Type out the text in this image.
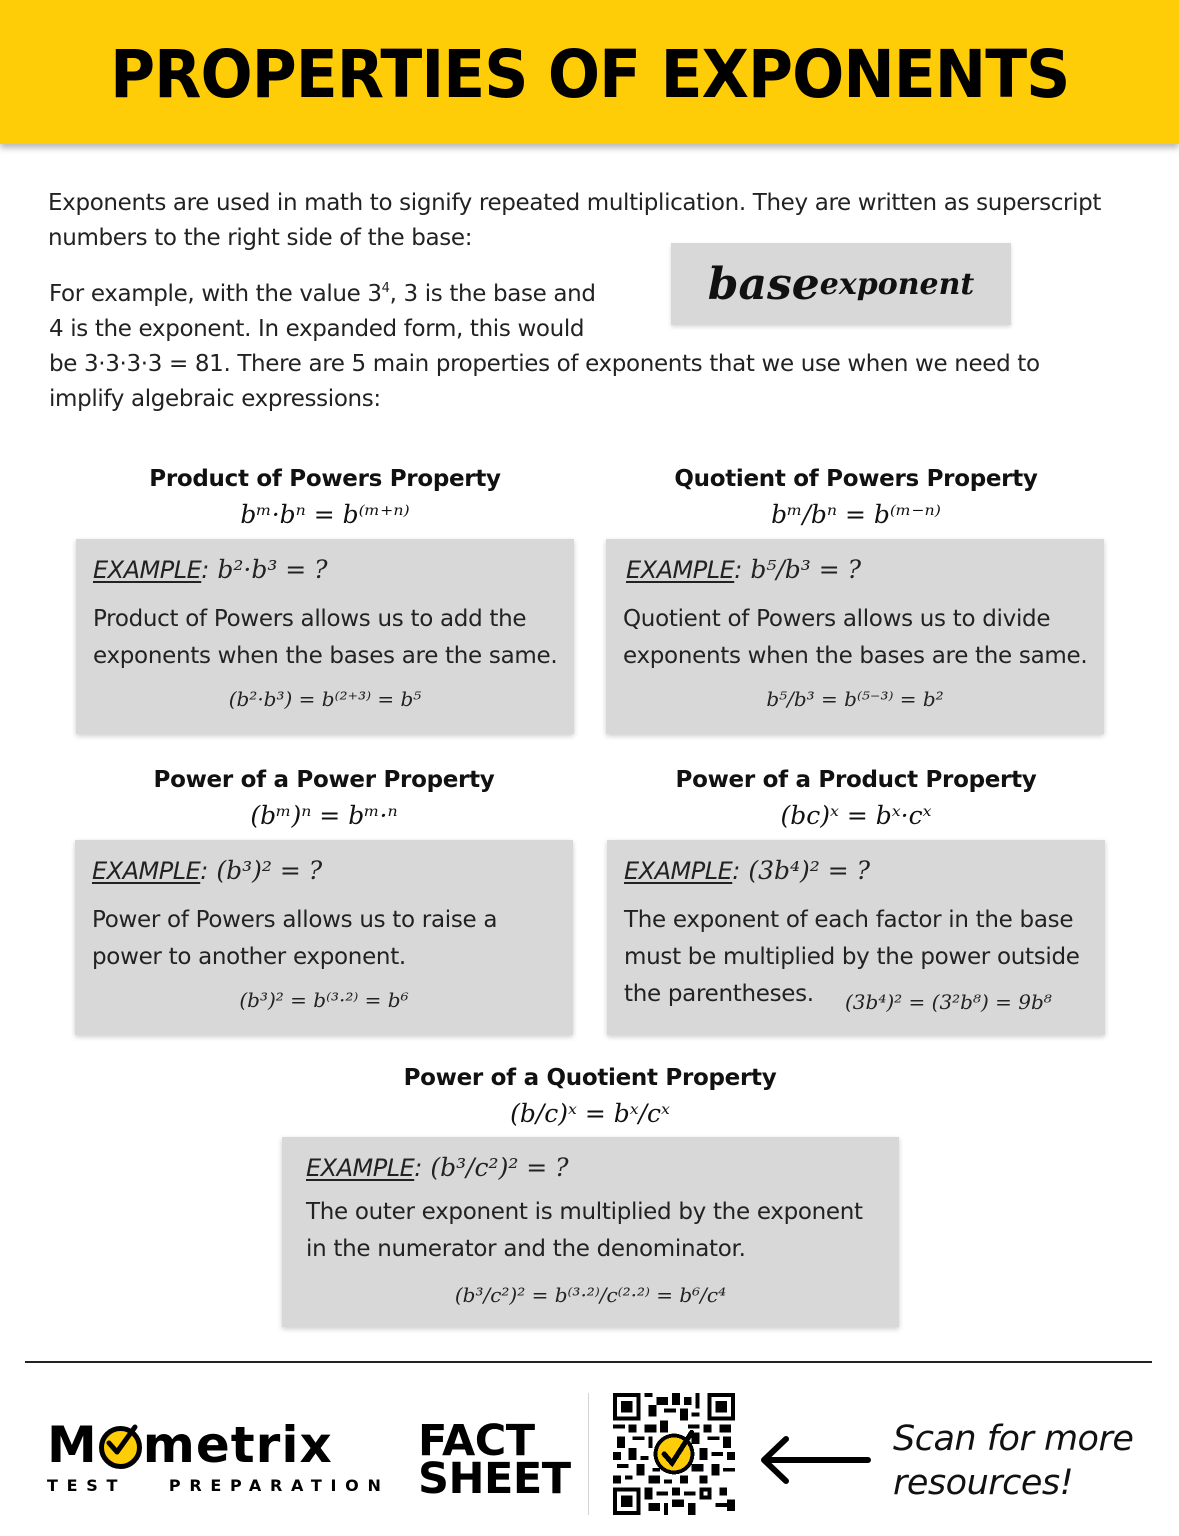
PROPERTIES OF EXPONENTS

Exponents are used in math to signify repeated multiplication. They are written as superscript numbers to the right side of the base:

For example, with the value $3^4$, 3 is the base and
4 is the exponent. In expanded form, this would
be 3·3·3·3 = 81. There are 5 main properties of exponents that we use when we need to
implify algebraic expressions:
base exponent
Product of Powers Property
bᵐ·bⁿ = b⁽ᵐ⁺ⁿ⁾
EXAMPLE: b²·b³ = ?
Product of Powers allows us to add the
exponents when the bases are the same.
(b²·b³) = b⁽²⁺³⁾ = b⁵
Quotient of Powers Property
bᵐ/bⁿ = b⁽ᵐ⁻ⁿ⁾
EXAMPLE: b⁵/b³ = ?
Quotient of Powers allows us to divide
exponents when the bases are the same.
b⁵/b³ = b⁽⁵⁻³⁾ = b²
Power of a Power Property
(bᵐ)ⁿ = bᵐ·ⁿ
EXAMPLE: (b³)² = ?
Power of Powers allows us to raise a
power to another exponent.
(b³)² = b⁽³·²⁾ = b⁶
Power of a Product Property
(bc)ˣ = bˣ·cˣ
EXAMPLE: (3b⁴)² = ?
The exponent of each factor in the base
must be multiplied by the power outside
the parentheses.	(3b⁴)² = (3²b⁸) = 9b⁸
Power of a Quotient Property
(b/c)ˣ = bˣ/cˣ
EXAMPLE: (b³/c²)² = ?
The outer exponent is multiplied by the exponent
in the numerator and the denominator.
(b³/c²)² = b⁽³·²⁾/c⁽²·²⁾ = b⁶/c⁴
M metrix
TEST   PREPARATION
FACT
SHEET
Scan for more
resources!
